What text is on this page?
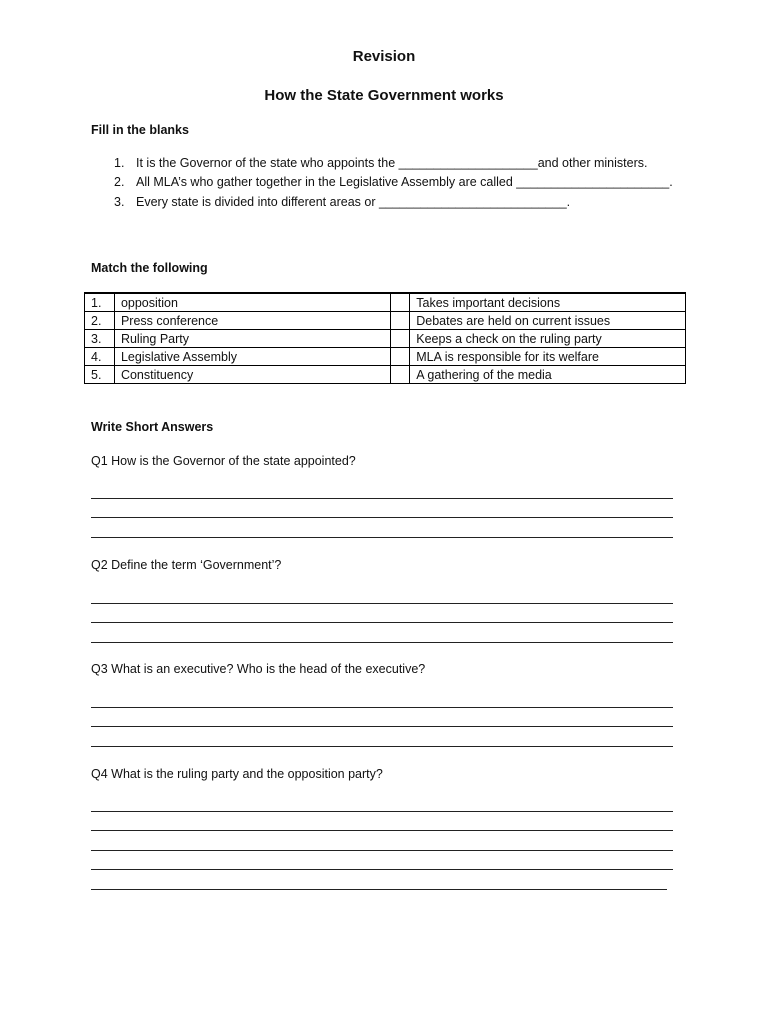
Revision
How the State Government works
Fill in the blanks
1. It is the Governor of the state who appoints the ____________________and other ministers.
2. All MLA’s who gather together in the Legislative Assembly are called ______________________.
3. Every state is divided into different areas or ___________________________.
Match the following
1.	opposition		Takes important decisions
2.	Press conference		Debates are held on current issues
3.	Ruling Party		Keeps a check on the ruling party
4.	Legislative Assembly		MLA is responsible for its welfare
5.	Constituency		A gathering of the media
Write Short Answers
Q1 How is the Governor of the state appointed?
Q2 Define the term ‘Government’?
Q3 What is an executive? Who is the head of the executive?
Q4 What is the ruling party and the opposition party?
